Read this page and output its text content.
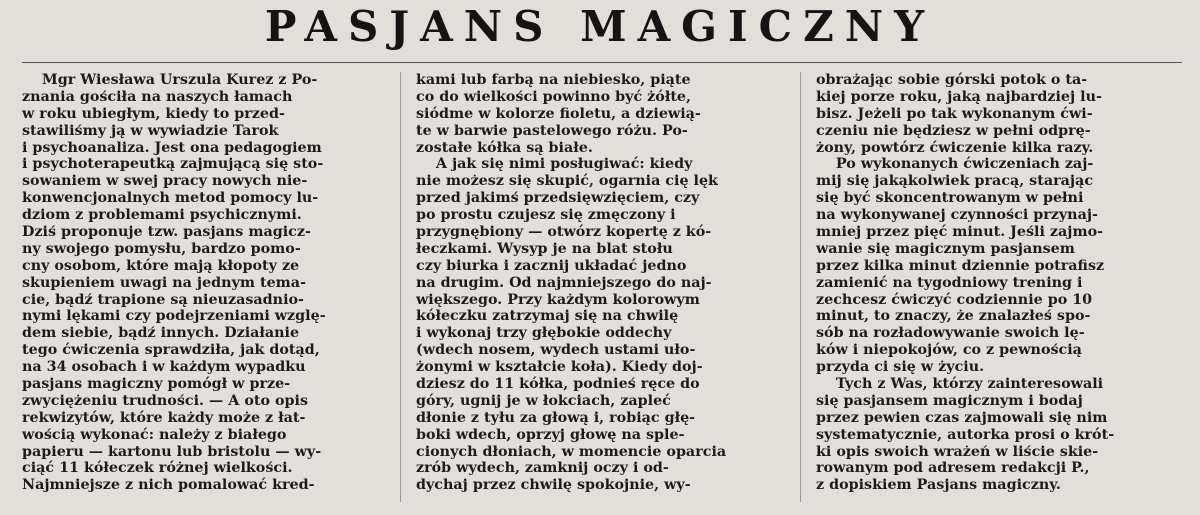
PASJANS MAGICZNY
Mgr Wiesława Urszula Kurez z Po-
znania gościła na naszych łamach
w roku ubiegłym, kiedy to przed-
stawiliśmy ją w wywiadzie Tarok
i psychoanaliza. Jest ona pedagogiem
i psychoterapeutką zajmującą się sto-
sowaniem w swej pracy nowych nie-
konwencjonalnych metod pomocy lu-
dziom z problemami psychicznymi.
Dziś proponuje tzw. pasjans magicz-
ny swojego pomysłu, bardzo pomo-
cny osobom, które mają kłopoty ze
skupieniem uwagi na jednym tema-
cie, bądź trapione są nieuzasadnio-
nymi lękami czy podejrzeniami wzglę-
dem siebie, bądź innych. Działanie
tego ćwiczenia sprawdziła, jak dotąd,
na 34 osobach i w każdym wypadku
pasjans magiczny pomógł w prze-
zwyciężeniu trudności. — A oto opis
rekwizytów, które każdy może z łat-
wością wykonać: należy z białego
papieru — kartonu lub bristolu — wy-
ciąć 11 kółeczek różnej wielkości.
Najmniejsze z nich pomalować kred-
kami lub farbą na niebiesko, piąte
co do wielkości powinno być żółte,
siódme w kolorze fioletu, a dziewią-
te w barwie pastelowego różu. Po-
zostałe kółka są białe.
A jak się nimi posługiwać: kiedy
nie możesz się skupić, ogarnia cię lęk
przed jakimś przedsięwzięciem, czy
po prostu czujesz się zmęczony i
przygnębiony — otwórz kopertę z kó-
łeczkami. Wysyp je na blat stołu
czy biurka i zacznij układać jedno
na drugim. Od najmniejszego do naj-
większego. Przy każdym kolorowym
kółeczku zatrzymaj się na chwilę
i wykonaj trzy głębokie oddechy
(wdech nosem, wydech ustami uło-
żonymi w kształcie koła). Kiedy doj-
dziesz do 11 kółka, podnieś ręce do
góry, ugnij je w łokciach, zapleć
dłonie z tyłu za głową i, robiąc głę-
boki wdech, oprzyj głowę na sple-
cionych dłoniach, w momencie oparcia
zrób wydech, zamknij oczy i od-
dychaj przez chwilę spokojnie, wy-
obrażając sobie górski potok o ta-
kiej porze roku, jaką najbardziej lu-
bisz. Jeżeli po tak wykonanym ćwi-
czeniu nie będziesz w pełni odprę-
żony, powtórz ćwiczenie kilka razy.
Po wykonanych ćwiczeniach zaj-
mij się jakąkolwiek pracą, starając
się być skoncentrowanym w pełni
na wykonywanej czynności przynaj-
mniej przez pięć minut. Jeśli zajmo-
wanie się magicznym pasjansem
przez kilka minut dziennie potrafisz
zamienić na tygodniowy trening i
zechcesz ćwiczyć codziennie po 10
minut, to znaczy, że znalazłeś spo-
sób na rozładowywanie swoich lę-
ków i niepokojów, co z pewnością
przyda ci się w życiu.
Tych z Was, którzy zainteresowali
się pasjansem magicznym i bodaj
przez pewien czas zajmowali się nim
systematycznie, autorka prosi o krót-
ki opis swoich wrażeń w liście skie-
rowanym pod adresem redakcji P.,
z dopiskiem Pasjans magiczny.
